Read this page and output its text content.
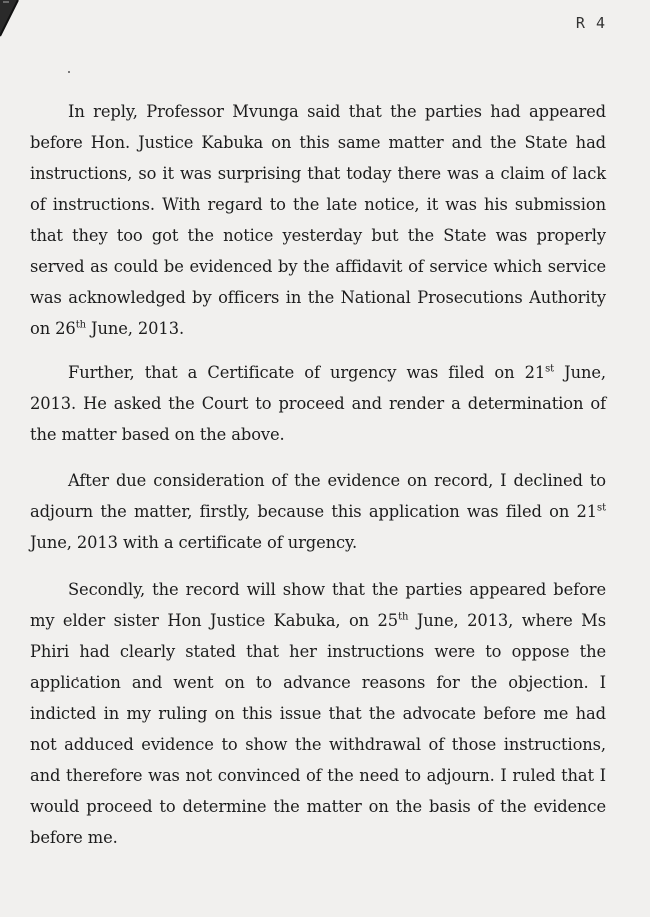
R 4

In reply, Professor Mvunga said that the parties had appeared before Hon. Justice Kabuka on this same matter and the State had instructions, so it was surprising that today there was a claim of lack of instructions. With regard to the late notice, it was his submission that they too got the notice yesterday but the State was properly served as could be evidenced by the affidavit of service which service was acknowledged by officers in the National Prosecutions Authority on 26th June, 2013.

Further, that a Certificate of urgency was filed on 21st June, 2013. He asked the Court to proceed and render a determination of the matter based on the above.

After due consideration of the evidence on record, I declined to adjourn the matter, firstly, because this application was filed on 21st June, 2013 with a certificate of urgency.

Secondly, the record will show that the parties appeared before my elder sister Hon Justice Kabuka, on 25th June, 2013, where Ms Phiri had clearly stated that her instructions were to oppose the application and went on to advance reasons for the objection. I indicted in my ruling on this issue that the advocate before me had not adduced evidence to show the withdrawal of those instructions, and therefore was not convinced of the need to adjourn. I ruled that I would proceed to determine the matter on the basis of the evidence before me.
